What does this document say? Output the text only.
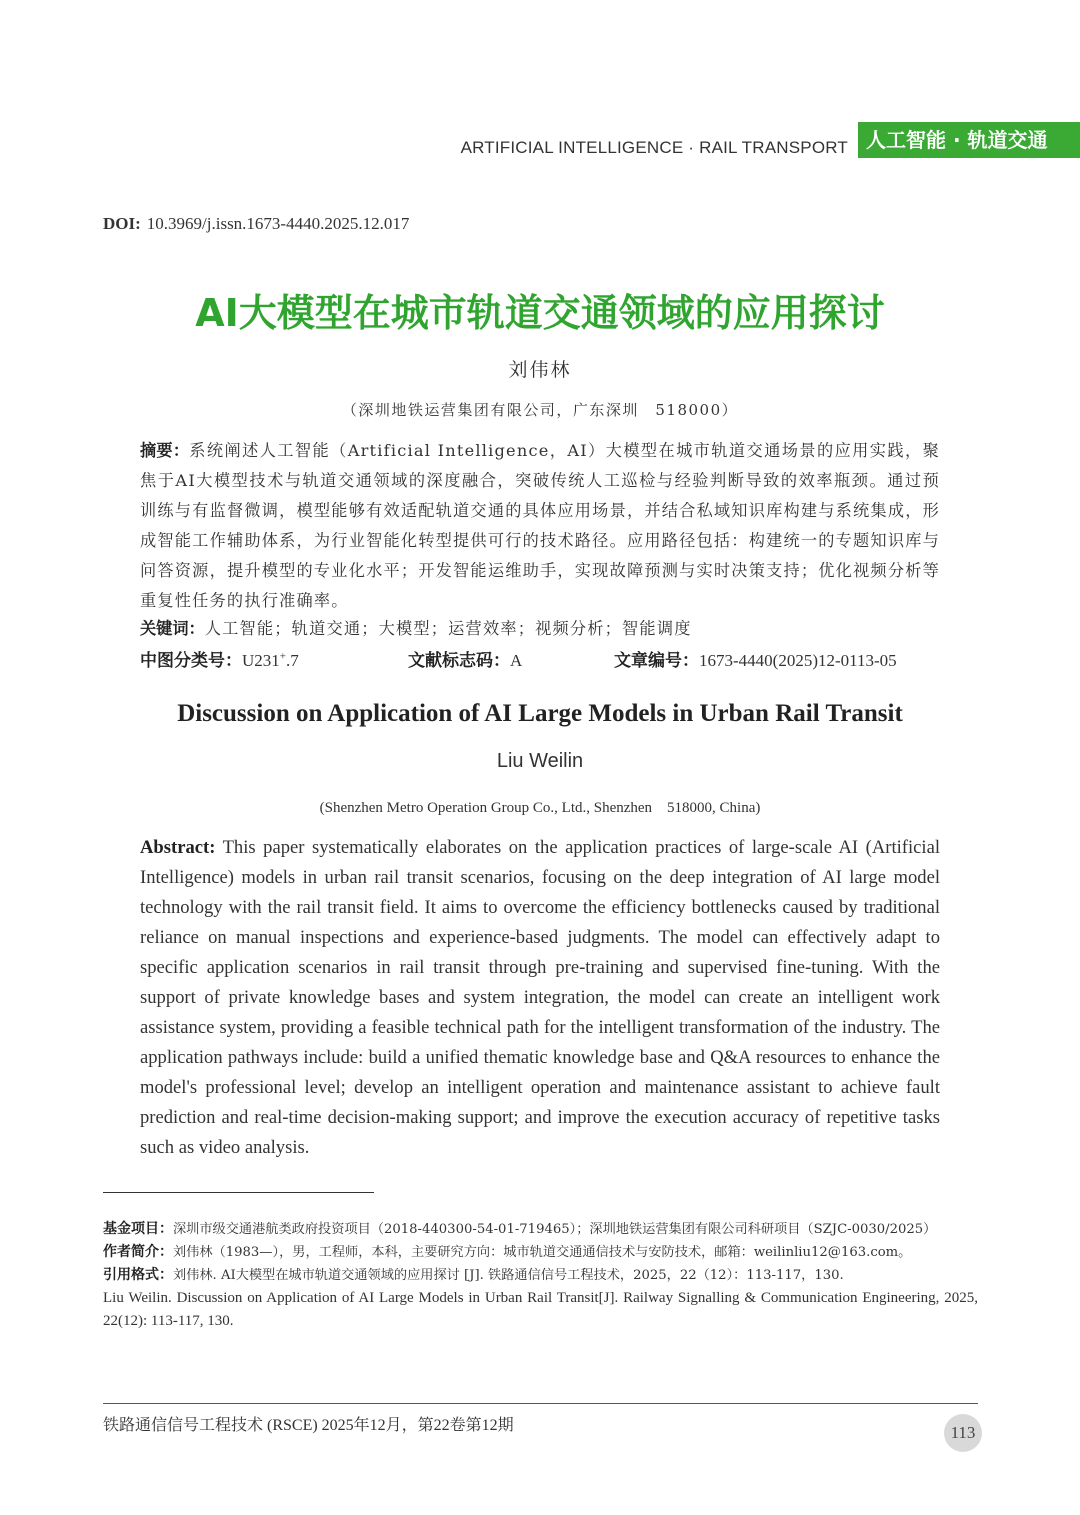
ARTIFICIAL INTELLIGENCE · RAIL TRANSPORT 人工智能 · 轨道交通
DOI: 10.3969/j.issn.1673-4440.2025.12.017
AI大模型在城市轨道交通领域的应用探讨
刘伟林
（深圳地铁运营集团有限公司，广东深圳　518000）
摘要：系统阐述人工智能（Artificial Intelligence，AI）大模型在城市轨道交通场景的应用实践，聚焦于AI大模型技术与轨道交通领域的深度融合，突破传统人工巡检与经验判断导致的效率瓶颈。通过预训练与有监督微调，模型能够有效适配轨道交通的具体应用场景，并结合私域知识库构建与系统集成，形成智能工作辅助体系，为行业智能化转型提供可行的技术路径。应用路径包括：构建统一的专题知识库与问答资源，提升模型的专业化水平；开发智能运维助手，实现故障预测与实时决策支持；优化视频分析等重复性任务的执行准确率。
关键词：人工智能；轨道交通；大模型；运营效率；视频分析；智能调度
中图分类号：U231+.7	文献标志码：A	文章编号：1673-4440(2025)12-0113-05
Discussion on Application of AI Large Models in Urban Rail Transit
Liu Weilin
(Shenzhen Metro Operation Group Co., Ltd., Shenzhen　518000, China)
Abstract: This paper systematically elaborates on the application practices of large-scale AI (Artificial Intelligence) models in urban rail transit scenarios, focusing on the deep integration of AI large model technology with the rail transit field. It aims to overcome the efficiency bottlenecks caused by traditional reliance on manual inspections and experience-based judgments. The model can effectively adapt to specific application scenarios in rail transit through pre-training and supervised fine-tuning. With the support of private knowledge bases and system integration, the model can create an intelligent work assistance system, providing a feasible technical path for the intelligent transformation of the industry. The application pathways include: build a unified thematic knowledge base and Q&A resources to enhance the model's professional level; develop an intelligent operation and maintenance assistant to achieve fault prediction and real-time decision-making support; and improve the execution accuracy of repetitive tasks such as video analysis.

基金项目：深圳市级交通港航类政府投资项目（2018-440300-54-01-719465）；深圳地铁运营集团有限公司科研项目（SZJC-0030/2025）

作者简介：刘伟林（1983—），男，工程师，本科，主要研究方向：城市轨道交通通信技术与安防技术，邮箱：weilinliu12@163.com。

引用格式：刘伟林. AI大模型在城市轨道交通领域的应用探讨 [J]. 铁路通信信号工程技术，2025，22（12）：113-117，130.

Liu Weilin. Discussion on Application of AI Large Models in Urban Rail Transit[J]. Railway Signalling & Communication Engineering, 2025, 22(12): 113-117, 130.

铁路通信信号工程技术 (RSCE) 2025年12月，第22卷第12期	113
